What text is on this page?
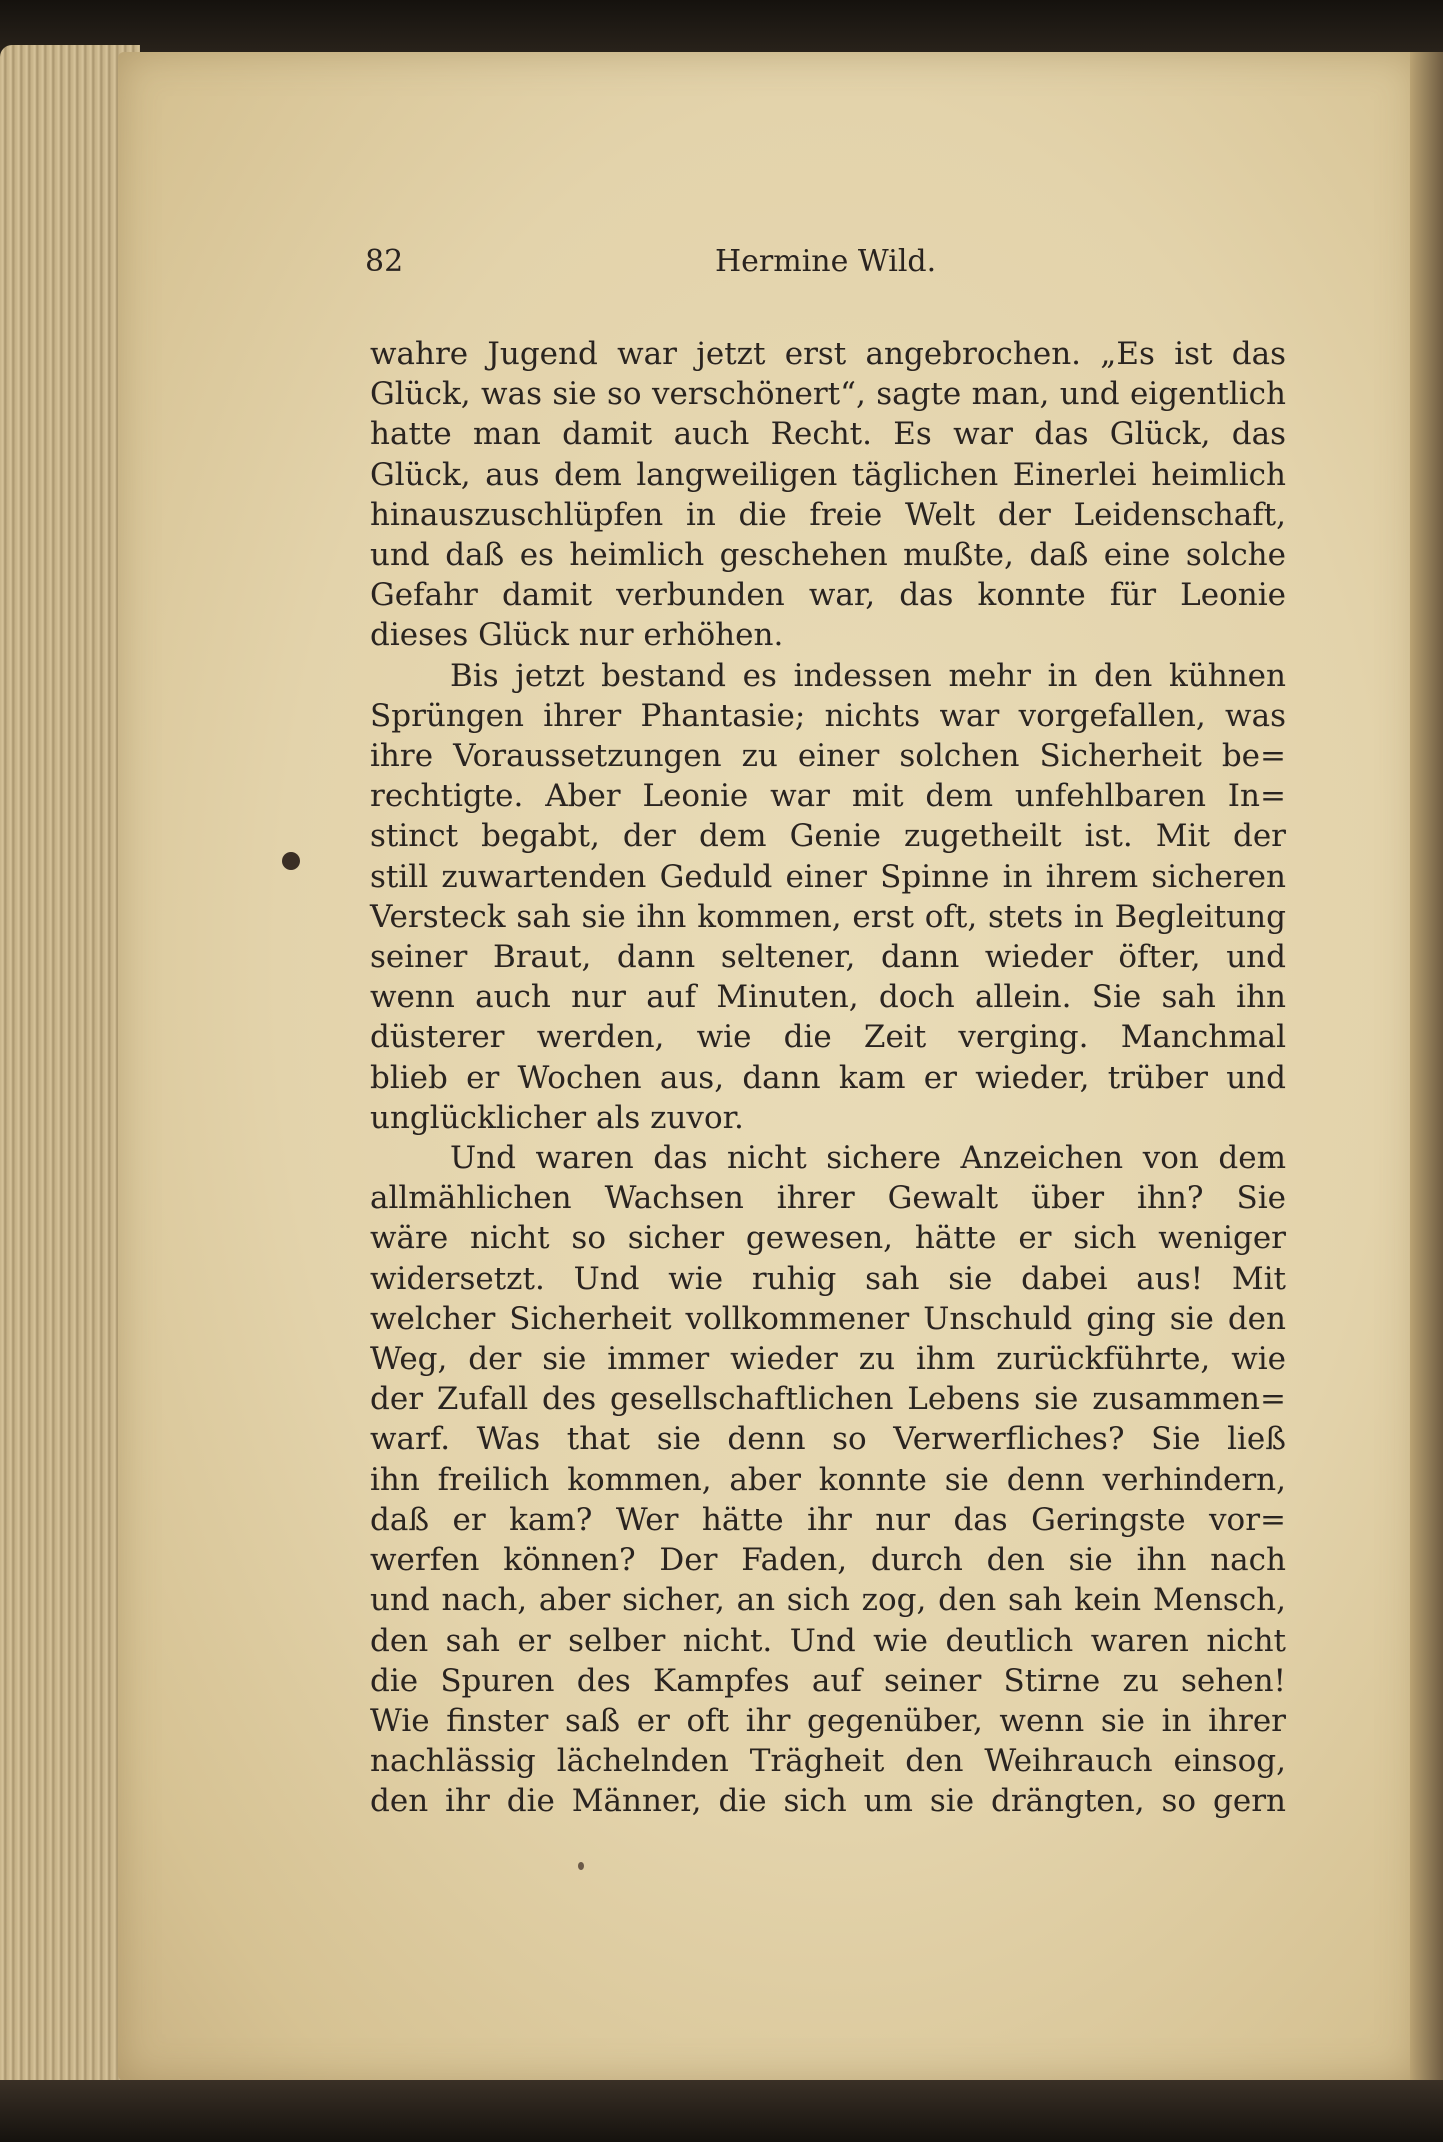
82	Hermine Wild.
wahre Jugend war jetzt erst angebrochen. „Es ist das
Glück, was sie so verschönert“, sagte man, und eigentlich
hatte man damit auch Recht. Es war das Glück, das
Glück, aus dem langweiligen täglichen Einerlei heimlich
hinauszuschlüpfen in die freie Welt der Leidenschaft,
und daß es heimlich geschehen mußte, daß eine solche
Gefahr damit verbunden war, das konnte für Leonie
dieses Glück nur erhöhen.
Bis jetzt bestand es indessen mehr in den kühnen
Sprüngen ihrer Phantasie; nichts war vorgefallen, was
ihre Voraussetzungen zu einer solchen Sicherheit be=
rechtigte. Aber Leonie war mit dem unfehlbaren In=
stinct begabt, der dem Genie zugetheilt ist. Mit der
still zuwartenden Geduld einer Spinne in ihrem sicheren
Versteck sah sie ihn kommen, erst oft, stets in Begleitung
seiner Braut, dann seltener, dann wieder öfter, und
wenn auch nur auf Minuten, doch allein. Sie sah ihn
düsterer werden, wie die Zeit verging. Manchmal
blieb er Wochen aus, dann kam er wieder, trüber und
unglücklicher als zuvor.
Und waren das nicht sichere Anzeichen von dem
allmählichen Wachsen ihrer Gewalt über ihn? Sie
wäre nicht so sicher gewesen, hätte er sich weniger
widersetzt. Und wie ruhig sah sie dabei aus! Mit
welcher Sicherheit vollkommener Unschuld ging sie den
Weg, der sie immer wieder zu ihm zurückführte, wie
der Zufall des gesellschaftlichen Lebens sie zusammen=
warf. Was that sie denn so Verwerfliches? Sie ließ
ihn freilich kommen, aber konnte sie denn verhindern,
daß er kam? Wer hätte ihr nur das Geringste vor=
werfen können? Der Faden, durch den sie ihn nach
und nach, aber sicher, an sich zog, den sah kein Mensch,
den sah er selber nicht. Und wie deutlich waren nicht
die Spuren des Kampfes auf seiner Stirne zu sehen!
Wie finster saß er oft ihr gegenüber, wenn sie in ihrer
nachlässig lächelnden Trägheit den Weihrauch einsog,
den ihr die Männer, die sich um sie drängten, so gern
